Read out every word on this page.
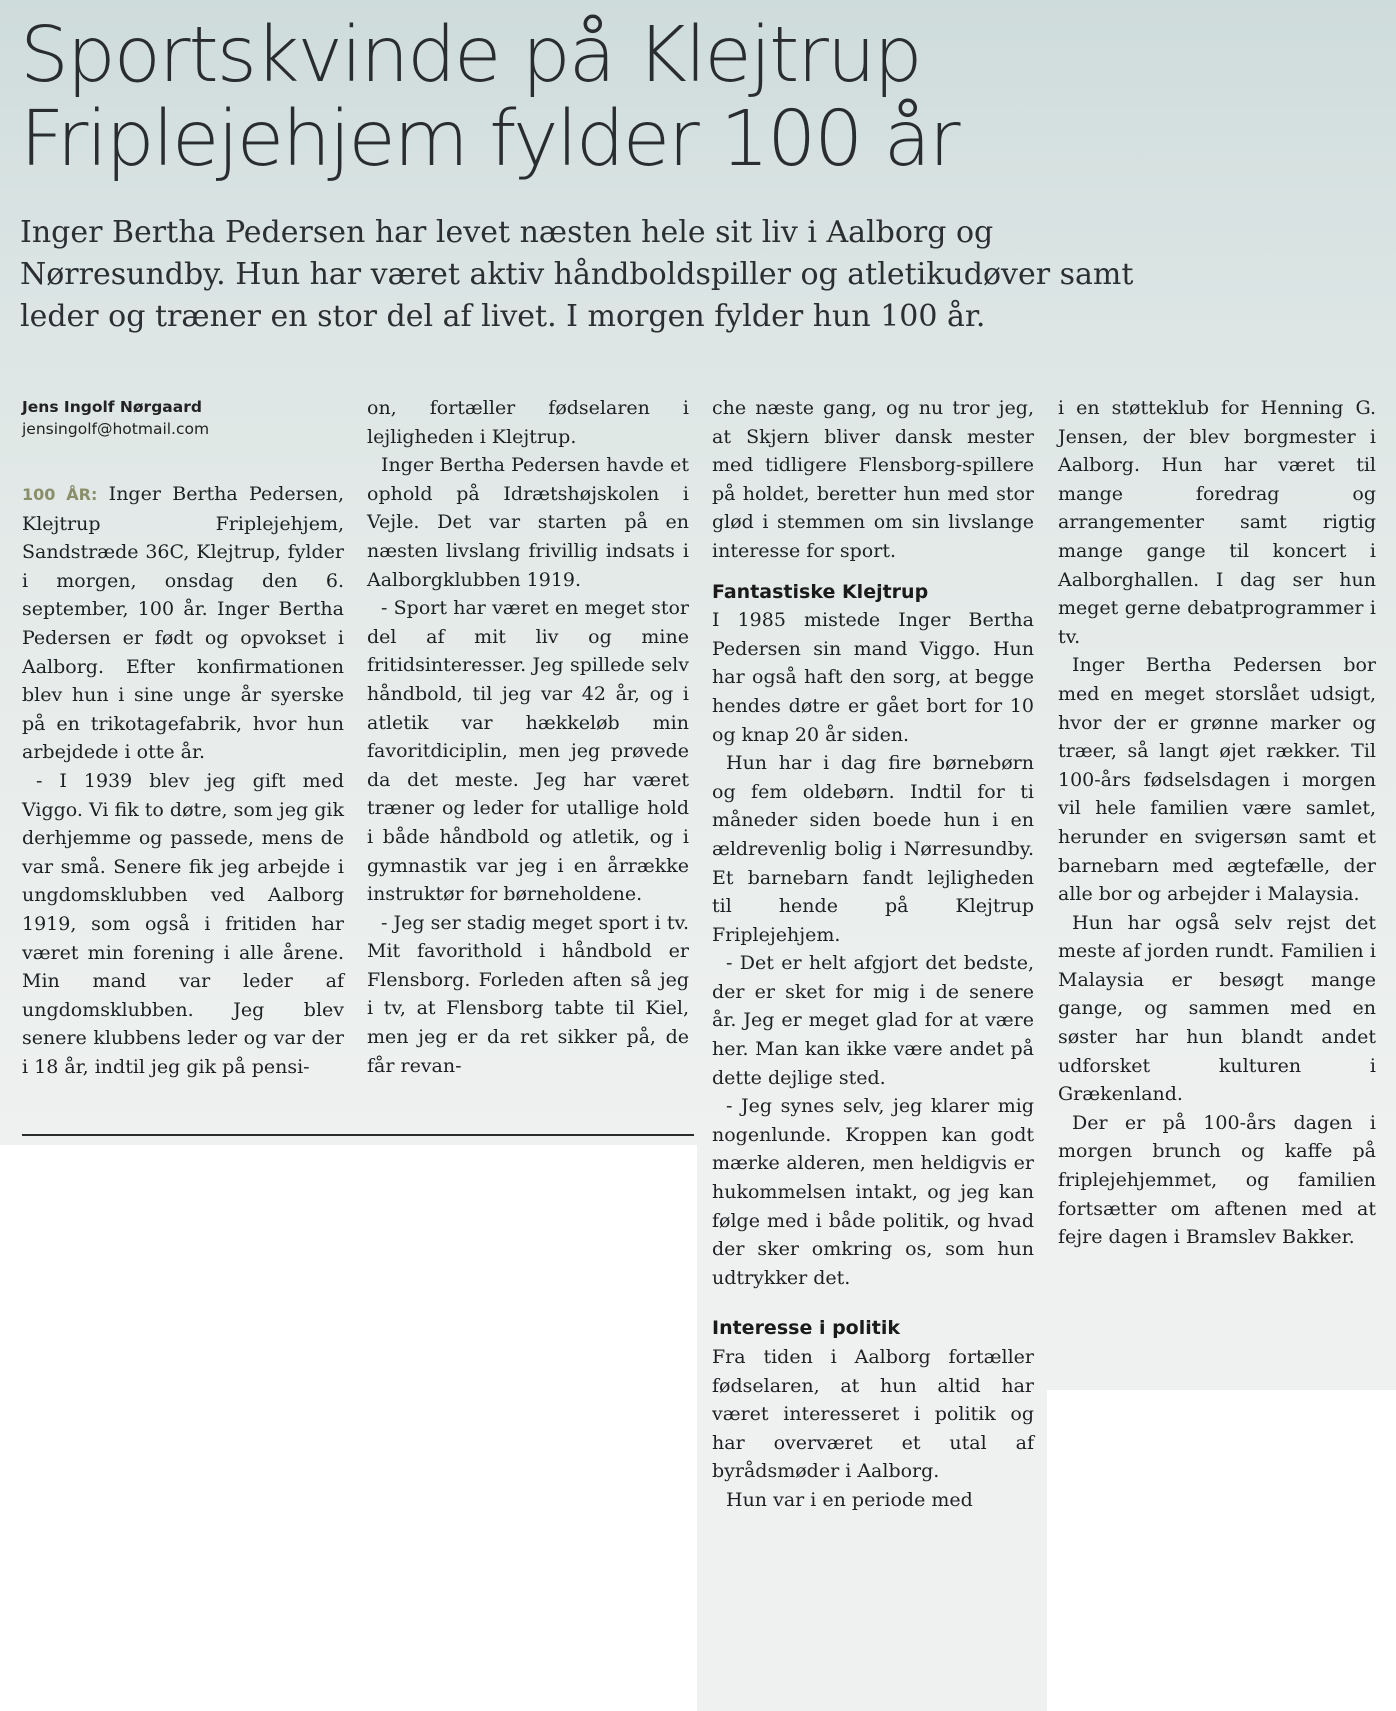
Sportskvinde på Klejtrup Friplejehjem fylder 100 år

Inger Bertha Pedersen har levet næsten hele sit liv i Aalborg og Nørresundby. Hun har været aktiv håndboldspiller og atletikudøver samt leder og træner en stor del af livet. I morgen fylder hun 100 år.

Jens Ingolf Nørgaard
jensingolf@hotmail.com

100 ÅR: Inger Bertha Pedersen, Klejtrup Friplejehjem, Sandstræde 36C, Klejtrup, fylder i morgen, onsdag den 6. september, 100 år. Inger Bertha Pedersen er født og opvokset i Aalborg. Efter konfirmationen blev hun i sine unge år syerske på en trikotagefabrik, hvor hun arbejdede i otte år.

- I 1939 blev jeg gift med Viggo. Vi fik to døtre, som jeg gik derhjemme og passede, mens de var små. Senere fik jeg arbejde i ungdomsklubben ved Aalborg 1919, som også i fritiden har været min forening i alle årene. Min mand var leder af ungdomsklubben. Jeg blev senere klubbens leder og var der i 18 år, indtil jeg gik på pensi-

on, fortæller fødselaren i lejligheden i Klejtrup.

Inger Bertha Pedersen havde et ophold på Idrætshøjskolen i Vejle. Det var starten på en næsten livslang frivillig indsats i Aalborgklubben 1919.

- Sport har været en meget stor del af mit liv og mine fritidsinteresser. Jeg spillede selv håndbold, til jeg var 42 år, og i atletik var hækkeløb min favoritdiciplin, men jeg prøvede da det meste. Jeg har været træner og leder for utallige hold i både håndbold og atletik, og i gymnastik var jeg i en årrække instruktør for børneholdene.

- Jeg ser stadig meget sport i tv. Mit favorithold i håndbold er Flensborg. Forleden aften så jeg i tv, at Flensborg tabte til Kiel, men jeg er da ret sikker på, de får revan-

che næste gang, og nu tror jeg, at Skjern bliver dansk mester med tidligere Flensborg-spillere på holdet, beretter hun med stor glød i stemmen om sin livslange interesse for sport.

Fantastiske Klejtrup

I 1985 mistede Inger Bertha Pedersen sin mand Viggo. Hun har også haft den sorg, at begge hendes døtre er gået bort for 10 og knap 20 år siden.

Hun har i dag fire børnebørn og fem oldebørn. Indtil for ti måneder siden boede hun i en ældrevenlig bolig i Nørresundby. Et barnebarn fandt lejligheden til hende på Klejtrup Friplejehjem.

- Det er helt afgjort det bedste, der er sket for mig i de senere år. Jeg er meget glad for at være her. Man kan ikke være andet på dette dejlige sted.

- Jeg synes selv, jeg klarer mig nogenlunde. Kroppen kan godt mærke alderen, men heldigvis er hukommelsen intakt, og jeg kan følge med i både politik, og hvad der sker omkring os, som hun udtrykker det.

Interesse i politik

Fra tiden i Aalborg fortæller fødselaren, at hun altid har været interesseret i politik og har overværet et utal af byrådsmøder i Aalborg.

Hun var i en periode med

i en støtteklub for Henning G. Jensen, der blev borgmester i Aalborg. Hun har været til mange foredrag og arrangementer samt rigtig mange gange til koncert i Aalborghallen. I dag ser hun meget gerne debatprogrammer i tv.

Inger Bertha Pedersen bor med en meget storslået udsigt, hvor der er grønne marker og træer, så langt øjet rækker. Til 100-års fødselsdagen i morgen vil hele familien være samlet, herunder en svigersøn samt et barnebarn med ægtefælle, der alle bor og arbejder i Malaysia.

Hun har også selv rejst det meste af jorden rundt. Familien i Malaysia er besøgt mange gange, og sammen med en søster har hun blandt andet udforsket kulturen i Grækenland.

Der er på 100-års dagen i morgen brunch og kaffe på friplejehjemmet, og familien fortsætter om aftenen med at fejre dagen i Bramslev Bakker.
